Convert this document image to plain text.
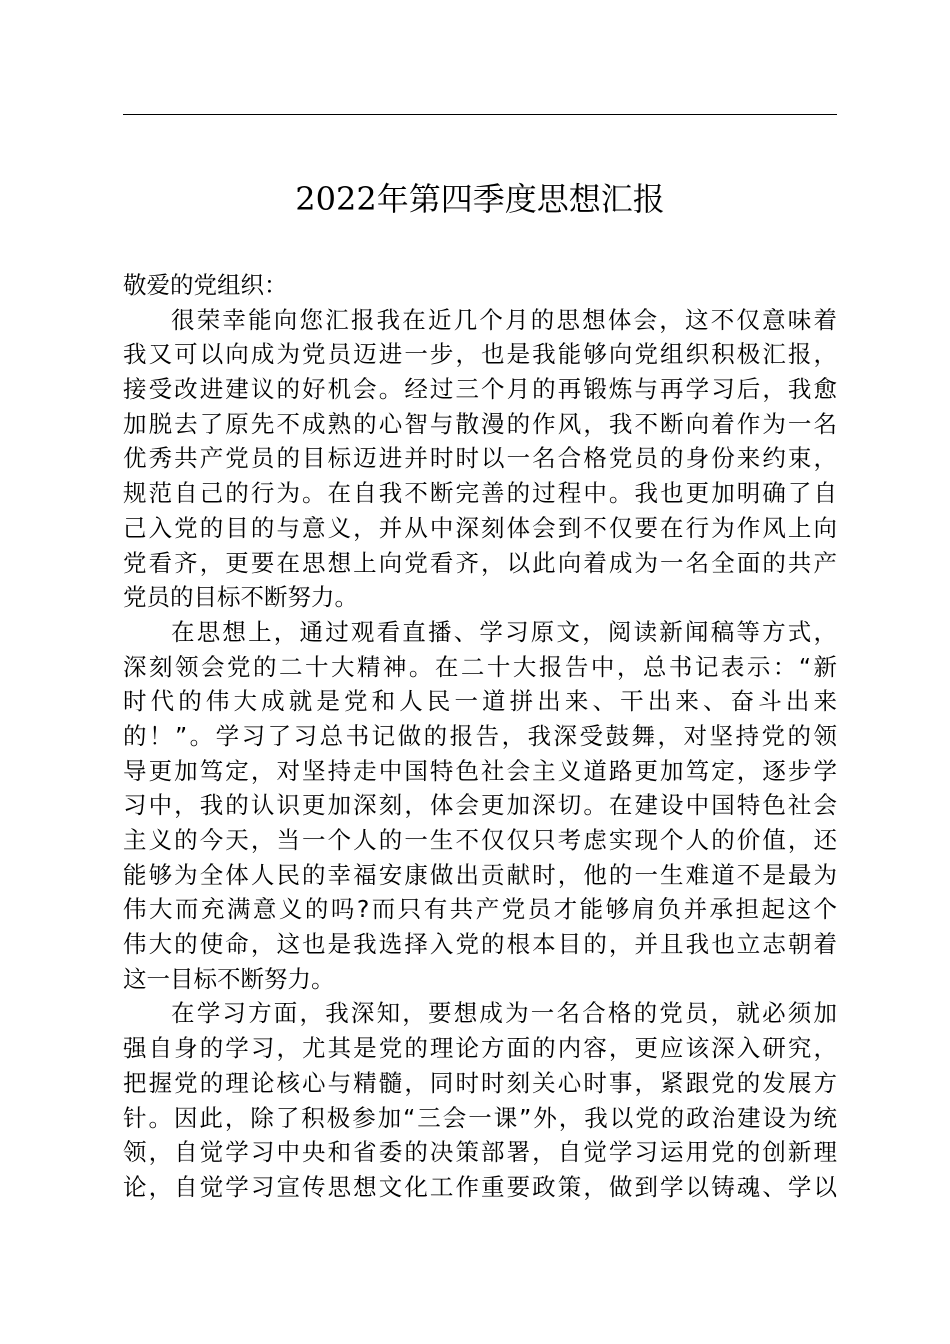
2022年第四季度思想汇报
敬爱的党组织：
很荣幸能向您汇报我在近几个月的思想体会，这不仅意味着
我又可以向成为党员迈进一步，也是我能够向党组织积极汇报，
接受改进建议的好机会。经过三个月的再锻炼与再学习后，我愈
加脱去了原先不成熟的心智与散漫的作风，我不断向着作为一名
优秀共产党员的目标迈进并时时以一名合格党员的身份来约束，
规范自己的行为。在自我不断完善的过程中。我也更加明确了自
己入党的目的与意义，并从中深刻体会到不仅要在行为作风上向
党看齐，更要在思想上向党看齐，以此向着成为一名全面的共产
党员的目标不断努力。
在思想上，通过观看直播、学习原文，阅读新闻稿等方式，
深刻领会党的二十大精神。在二十大报告中，总书记表示：“新
时代的伟大成就是党和人民一道拼出来、干出来、奋斗出来
的！”。学习了习总书记做的报告，我深受鼓舞，对坚持党的领
导更加笃定，对坚持走中国特色社会主义道路更加笃定，逐步学
习中，我的认识更加深刻，体会更加深切。在建设中国特色社会
主义的今天，当一个人的一生不仅仅只考虑实现个人的价值，还
能够为全体人民的幸福安康做出贡献时，他的一生难道不是最为
伟大而充满意义的吗?而只有共产党员才能够肩负并承担起这个
伟大的使命，这也是我选择入党的根本目的，并且我也立志朝着
这一目标不断努力。
在学习方面，我深知，要想成为一名合格的党员，就必须加
强自身的学习，尤其是党的理论方面的内容，更应该深入研究，
把握党的理论核心与精髓，同时时刻关心时事，紧跟党的发展方
针。因此，除了积极参加“三会一课”外，我以党的政治建设为统
领，自觉学习中央和省委的决策部署，自觉学习运用党的创新理
论，自觉学习宣传思想文化工作重要政策，做到学以铸魂、学以
